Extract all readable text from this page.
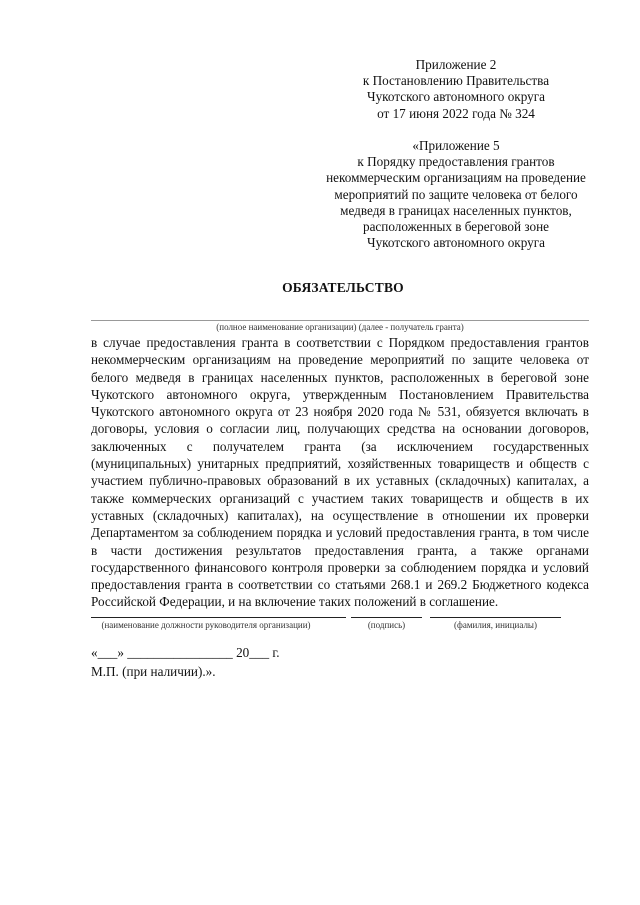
Приложение 2
к Постановлению Правительства
Чукотского автономного округа
от 17 июня 2022 года № 324
«Приложение 5
к Порядку предоставления грантов
некоммерческим организациям на проведение
мероприятий по защите человека от белого
медведя в границах населенных пунктов,
расположенных в береговой зоне
Чукотского автономного округа
ОБЯЗАТЕЛЬСТВО
(полное наименование организации) (далее - получатель гранта)
в случае предоставления гранта в соответствии с Порядком предоставления грантов некоммерческим организациям на проведение мероприятий по защите человека от белого медведя в границах населенных пунктов, расположенных в береговой зоне Чукотского автономного округа, утвержденным Постановлением Правительства Чукотского автономного округа от 23 ноября 2020 года № 531, обязуется включать в договоры, условия о согласии лиц, получающих средства на основании договоров, заключенных с получателем гранта (за исключением государственных (муниципальных) унитарных предприятий, хозяйственных товариществ и обществ с участием публично-правовых образований в их уставных (складочных) капиталах, а также коммерческих организаций с участием таких товариществ и обществ в их уставных (складочных) капиталах), на осуществление в отношении их проверки Департаментом за соблюдением порядка и условий предоставления гранта, в том числе в части достижения результатов предоставления гранта, а также органами государственного финансового контроля проверки за соблюдением порядка и условий предоставления гранта в соответствии со статьями 268.1 и 269.2 Бюджетного кодекса Российской Федерации, и на включение таких положений в соглашение.
(наименование должности руководителя организации)	(подпись)	(фамилия, инициалы)
«___» ________________ 20___ г.
М.П. (при наличии).».
